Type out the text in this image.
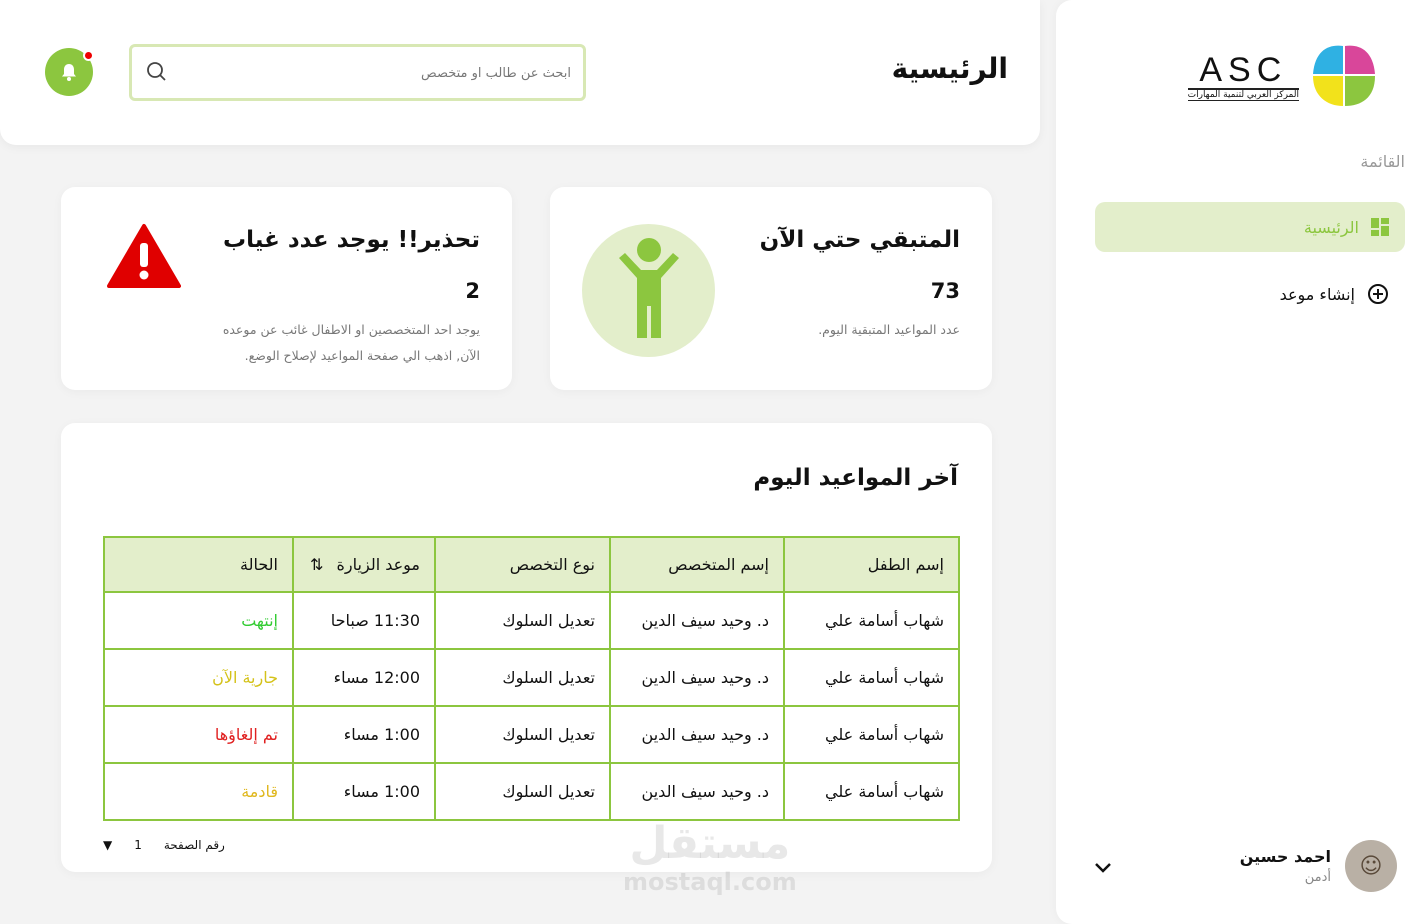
الرئيسية
ابحث عن طالب او متخصص	ASC
المركز العربي لتنمية المهارات
القائمة
الرئيسية
إنشاء موعد
☺
احمد حسين
أدمن
تحذير!! يوجد عدد غياب
2
يوجد احد المتخصصين او الاطفال غائب عن موعده
الآن, اذهب الي صفحة المواعيد لإصلاح الوضع.
المتبقي حتي الآن
73
عدد المواعيد المتبقية اليوم.
آخر المواعيد اليوم
إسم الطفل	إسم المتخصص	نوع التخصص	موعد الزيارة ⇅	الحالة
شهاب أسامة علي	د. وحيد سيف الدين	تعديل السلوك	11:30 صباحا	إنتهت
شهاب أسامة علي	د. وحيد سيف الدين	تعديل السلوك	12:00 مساء	جارية الآن
شهاب أسامة علي	د. وحيد سيف الدين	تعديل السلوك	1:00 مساء	تم إلغاؤها
شهاب أسامة علي	د. وحيد سيف الدين	تعديل السلوك	1:00 مساء	قادمة
▼ 1 رقم الصفحة
mostaql.com
